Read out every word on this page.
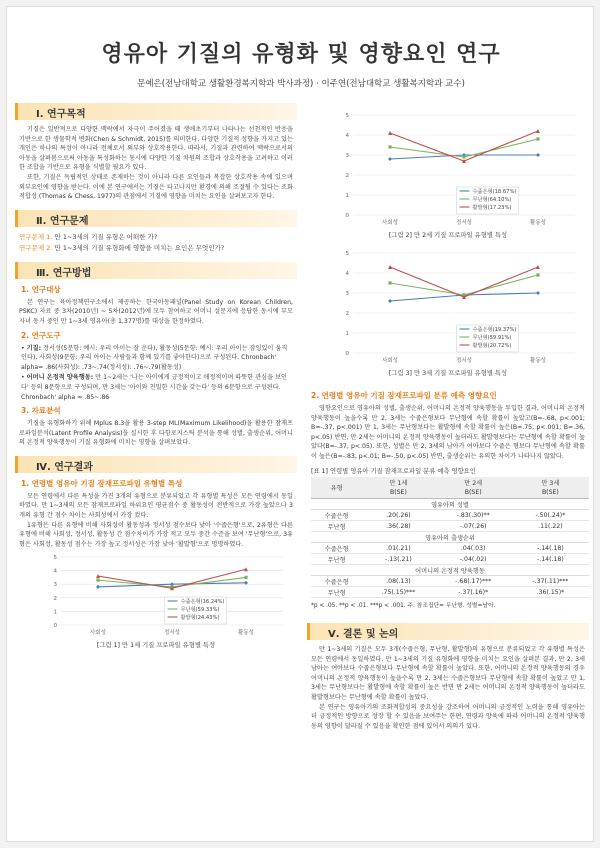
영유아 기질의 유형화 및 영향요인 연구
문예은(전남대학교 생활환경복지학과 박사과정) · 이주연(전남대학교 생활복지학과 교수)
Ⅰ. 연구목적

기질은 일반적으로 다양한 맥락에서 자극이 주어졌을 때 생애초기부터 나타나는 선천적인 반응을 기반으로 한 생물학적 변화(Chen & Schmidt, 2015)를 의미한다. 다양한 기질적 성향을 가지고 있는 개인은 하나의 특성이 아니라 전체로서 외부와 상호작용한다. 따라서, 기질과 관련하여 맥락으로서의 아동을 살펴봄으로써 아동을 특성화하는 동시에 다양한 기질 차원의 조합과 상호작용을 고려하고 이러한 조합을 기반으로 유형을 식별할 필요가 있다.

또한, 기질은 독립적인 상태로 존재하는 것이 아니라 다른 요인들과 복잡한 상호작용 속에 있으며 외부요인에 영향을 받는다. 이에 본 연구에서는 기질은 타고나지만 환경에 의해 조절될 수 있다는 조화적합성 (Thomas & Chess, 1977)의 관점에서 기질에 영향을 미치는 요인을 살펴보고자 한다.

Ⅱ. 연구문제
연구문제 1. 만 1~3세의 기질 유형은 어떠한 가?
연구문제 2. 만 1~3세의 기질 유형화에 영향을 미치는 요인은 무엇인가?
Ⅲ. 연구방법
1. 연구대상

본 연구는 육아정책연구소에서 제공하는 한국아동패널(Panel Study on Korean Children, PSKC) 자료 중 3차(2010년) ~ 5차(2012년)에 모두 참여하고 어머니 설문지에 응답한 동시에 부모자녀 동거 중인 만 1~3세 영유아(총 1,377명)를 대상을 한정하였다.

2. 연구도구
• 기질: 정서성(5문항: 예시: 우리 아이는 잘 운다), 활동성(5문항: 예시: 우리 아이는 잠잉있이 움직인다), 사회성(9문항: 우리 아이는 사람들과 함께 있기를 좋아한다)으로 구성된다. Chronbach' alpha= .86(사회성): .73~.74(정서성): .76~.79(활동성)
• 어머니 온정적 양육행동: 만 1~2세는 '나는 아이에게 긍정적이고 애정적이며 따뜻한 관심을 보인다' 등의 8문항으로 구성되며, 만 3세는 '아이와 친밀한 시간을 갖는다' 등의 6문항으로 구성된다. Chronbach' alpha = .85~.86
3. 자료분석

기질을 유형화하기 위해 Mplus 8.3을 활용 3-step ML(Maximum Likelihood)을 활용한 잠재프로파일분석(Latent Profile Analysis)을 실시한 후 다항로지스틱 분석을 통해 성별, 출생순위, 어머니의 온정적 양육행동이 기질 유형화에 미치는 영향을 살펴보았다.

Ⅳ. 연구결과
1. 연령별 영유아 기질 잠재프로파일 유형별 특성

모든 연령에서 다른 특성을 가진 3개의 유형으로 분류되었고 각 유형별 특성은 모든 연령에서 동일하였다. 만 1~3세의 모든 잠재프로파일 하위요인 평균점수 중 활동성이 전반적으로 가장 높았으나 3개의 유형 간 점수 차이는 사회성에서 가장 컸다.

1유형은 다른 유형에 비해 사회성이 활동성과 정서성 점수보다 낮아 '수줍은형'으로, 2유형은 다른 유형에 비해 사회성, 정서성, 활동성 간 점수차이가 가장 적고 모두 중간 수준을 보여 '무난형'으로, 3유형은 사회성, 활동성 점수는 가장 높고 정서성은 가장 낮아 '활발형'으로 명명하였다.

0
1
2
3
4
5
사회성	정서성	활동성
수줍은형(16.24%)
무난형(59.33%)
활발형(24.43%)
[그림 1] 만 1세 기질 프로파일 유형별 특성
0
1
2
3
4
5
사회성	정서성	활동성
수줍은형(18.67%)
무난형(64.10%)
활발형(17.23%)
[그림 2] 만 2세 기질 프로파일 유형별 특성
0
1
2
3
4
5
사회성	정서성	활동성
수줍은형(19.37%)
무난형(59.91%)
활발형(20.72%)
[그림 3] 만 3세 기질 프로파일 유형별 특성
2. 연령별 영유아 기질 잠재프로파일 분류 예측 영향요인

영향요인으로 영유아의 성별, 출생순위, 어머니의 온정적 양육행동을 투입한 결과, 어머니의 온정적 양육행동이 높을수록 만 2, 3세는 수줍은형보다 무난형에 속할 확률이 높았고(B=-.68, p<.001; B=-.37, p<.001) 만 1, 3세는 무난형보다는 활발형에 속할 확률이 높은(B=.75, p<.001; B=.36, p<.05) 반면, 만 2세는 어머니의 온정적 양육행동이 높더라도 활발형보다는 무난형에 속할 확률이 높았다(B=-.37, p<.05). 또한, 성별은 만 2, 3세의 남아가 여아보다 수줍은 형보다 무난형에 속할 확률이 높은(B=-.83, p<.01; B=-.50, p<.05) 반면, 출생순위는 유의한 차이가 나타나지 않았다.

[표 1] 연령별 영유아 기질 잠재프로파일 분류 예측 영향요인
유형	만 1세	만 2세	만 3세
	B(SE)	B(SE)	B(SE)
영유아의 성별			
수줍은형	.20(.26)	-.83(.30)**	-.50(.24)*
무난형	.36(.28)	-.07(.26)	.11(.22)
영유아의 출생순위			
수줍은형	.01(.21)	.04(.03)	-.14(.18)
무난형	-.13(.21)	-.04(.02)	-.14(.18)
어머니의 온정적 양육행동			
수줍은형	.08(.13)	-.68(.17)***	-.37(.11)***
무난형	.75(.15)***	-.37(.16)*	.36(.15)*
*p < .05. **p < .01. ***p < .001. 주. 참조집단= 무난형. 성별=남아.
Ⅴ. 결론 및 논의

만 1~3세의 기질은 모두 3개(수줍은형, 무난형, 활발형)의 유형으로 분류되었고 각 유형별 특성은 모든 연령에서 동일하였다. 만 1~3세의 기질 유형화에 영향을 미치는 요인을 살펴본 결과, 만 2, 3세 남아는 여아보다 수줍은형보다 무난형에 속할 확률이 높았다. 또한, 어머니의 온정적 양육행동의 경우 어머니의 온정적 양육행동이 높을수록 만 2, 3세는 수줍은형보다 무난형에 속할 확률이 높았고 만 1, 3세는 무난형보다는 활발형에 속할 확률이 높은 반면 만 2세는 어머니의 온정적 양육행동이 높더라도 활발형보다는 무난형에 속할 확률이 높았다.

본 연구는 영유아기의 조화적합성의 중요성을 강조하여 어머니의 긍정적인 노력을 통해 영유아는 더 긍정적인 방향으로 성장 할 수 있음을 보여주는 한편, 연령과 양육에 따라 어머니의 온정적 양육행동의 영향이 달라질 수 있음을 확인한 점에 있어서 의의가 있다.
